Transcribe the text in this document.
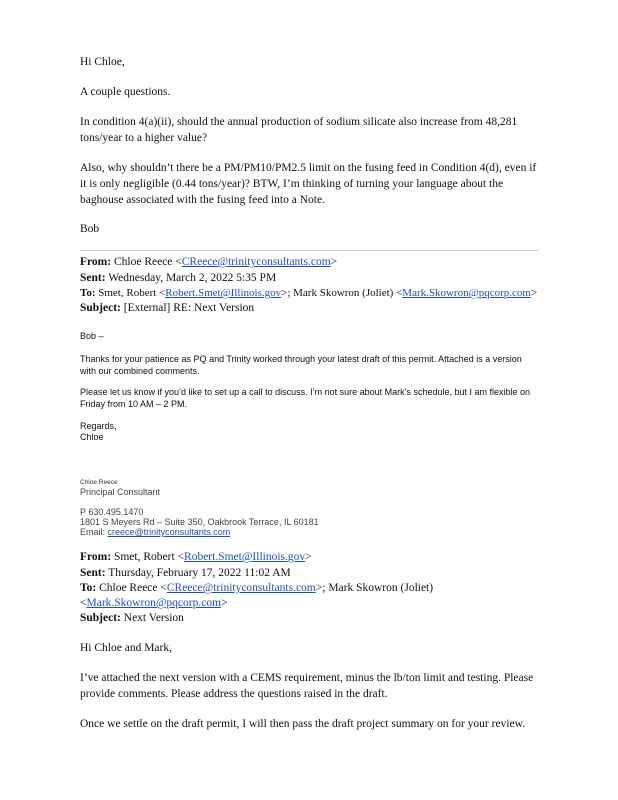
Hi Chloe,
A couple questions.
In condition 4(a)(ii), should the annual production of sodium silicate also increase from 48,281 tons/year to a higher value?
Also, why shouldn’t there be a PM/PM10/PM2.5 limit on the fusing feed in Condition 4(d), even if it is only negligible (0.44 tons/year)? BTW, I’m thinking of turning your language about the baghouse associated with the fusing feed into a Note.
Bob
From: Chloe Reece <CReece@trinityconsultants.com>
Sent: Wednesday, March 2, 2022 5:35 PM
To: Smet, Robert <Robert.Smet@Illinois.gov>; Mark Skowron (Joliet) <Mark.Skowron@pqcorp.com>
Subject: [External] RE: Next Version
Bob –
Thanks for your patience as PQ and Trinity worked through your latest draft of this permit. Attached is a version with our combined comments.
Please let us know if you’d like to set up a call to discuss. I’m not sure about Mark’s schedule, but I am flexible on Friday from 10 AM – 2 PM.
Regards,
Chloe
Chloe Reece
Principal Consultant
P 630.495.1470
1801 S Meyers Rd – Suite 350, Oakbrook Terrace, IL 60181
Email: creece@trinityconsultants.com
From: Smet, Robert <Robert.Smet@Illinois.gov>
Sent: Thursday, February 17, 2022 11:02 AM
To: Chloe Reece <CReece@trinityconsultants.com>; Mark Skowron (Joliet)
<Mark.Skowron@pqcorp.com>
Subject: Next Version
Hi Chloe and Mark,
I’ve attached the next version with a CEMS requirement, minus the lb/ton limit and testing. Please provide comments. Please address the questions raised in the draft.
Once we settle on the draft permit, I will then pass the draft project summary on for your review.
